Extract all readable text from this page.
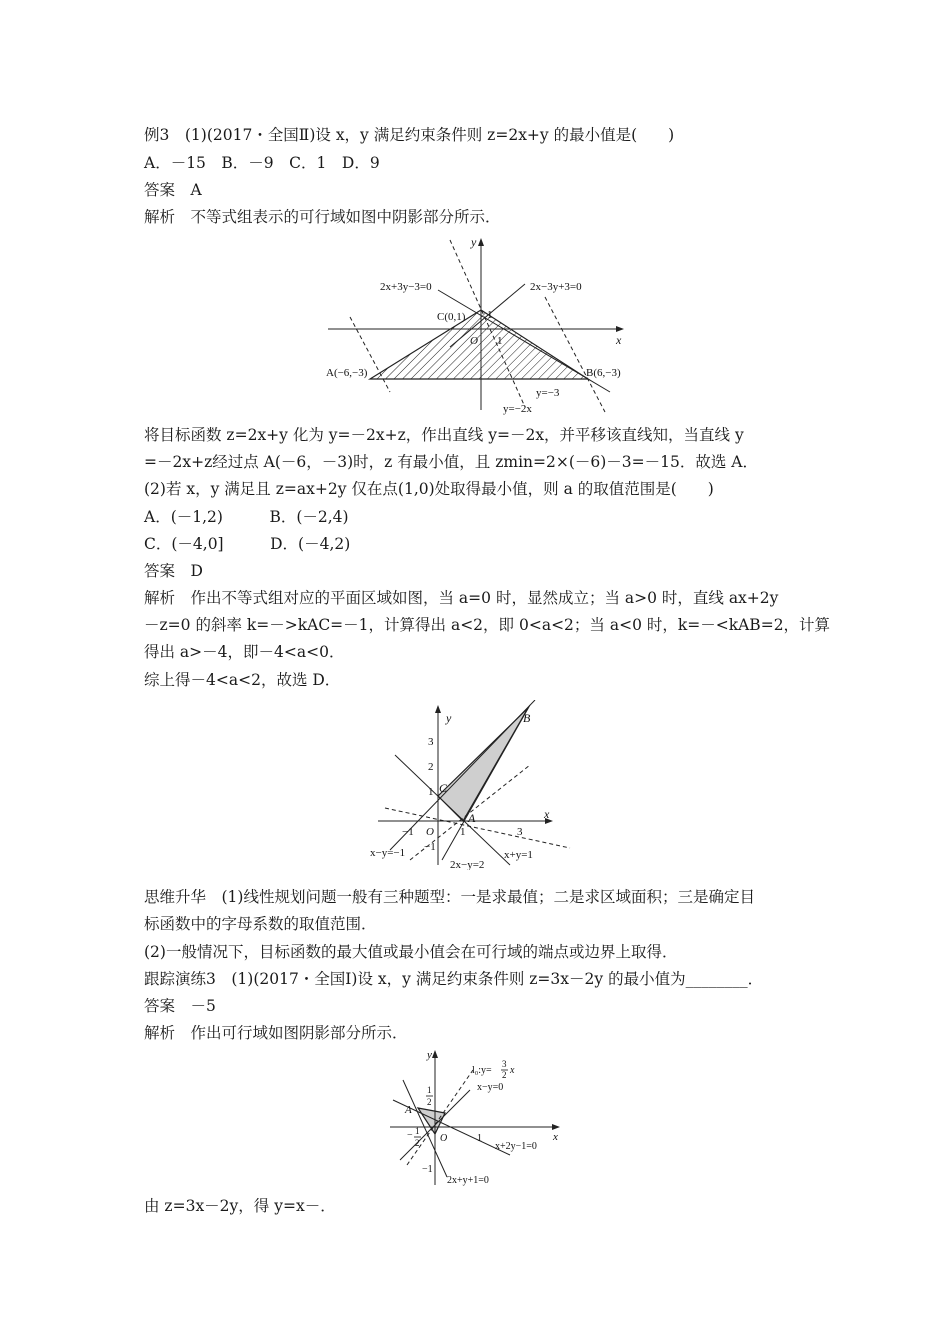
例3　(1)(2017・全国Ⅱ)设 x，y 满足约束条件则 z=2x+y 的最小值是(　　)
A．－15　B．－9　C．1　D．9
答案　A
解析　不等式组表示的可行域如图中阴影部分所示．
y
x
2x+3y−3=0	2x−3y+3=0
C(0,1) 1
O 1
A(−6,−3)	B(6,−3)
y=−3
y=−2x
将目标函数 z=2x+y 化为 y=－2x+z，作出直线 y=－2x，并平移该直线知，当直线 y
=－2x+z经过点 A(－6，－3)时，z 有最小值，且 zmin=2×(－6)－3=－15．故选 A．
(2)若 x，y 满足且 z=ax+2y 仅在点(1,0)处取得最小值，则 a 的取值范围是(　　)
A．(－1,2)　　　B．(－2,4)
C．(－4,0]　　　D．(－4,2)
答案　D
解析　作出不等式组对应的平面区域如图，当 a=0 时，显然成立；当 a>0 时，直线 ax+2y
－z=0 的斜率 k=－>kAC=－1，计算得出 a<2，即 0<a<2；当 a<0 时，k=－<kAB=2，计算
得出 a>－4，即－4<a<0．
综上得－4<a<2，故选 D．
y
x
3
2
1 C
B
A
−1 O 1	3
−1
x−y=−1
2x−y=2
x+y=1
思维升华　(1)线性规划问题一般有三种题型：一是求最值；二是求区域面积；三是确定目
标函数中的字母系数的取值范围．
(2)一般情况下，目标函数的最大值或最小值会在可行域的端点或边界上取得．
跟踪演练3　(1)(2017・全国Ⅰ)设 x，y 满足约束条件则 z=3x－2y 的最小值为________．
答案　－5
解析　作出可行域如图阴影部分所示．
y
x
l₀:y=
3
2 x
x−y=0
1
2
A
− 1
2 O	1
−1
x+2y−1=0
2x+y+1=0
由 z=3x－2y，得 y=x－．
